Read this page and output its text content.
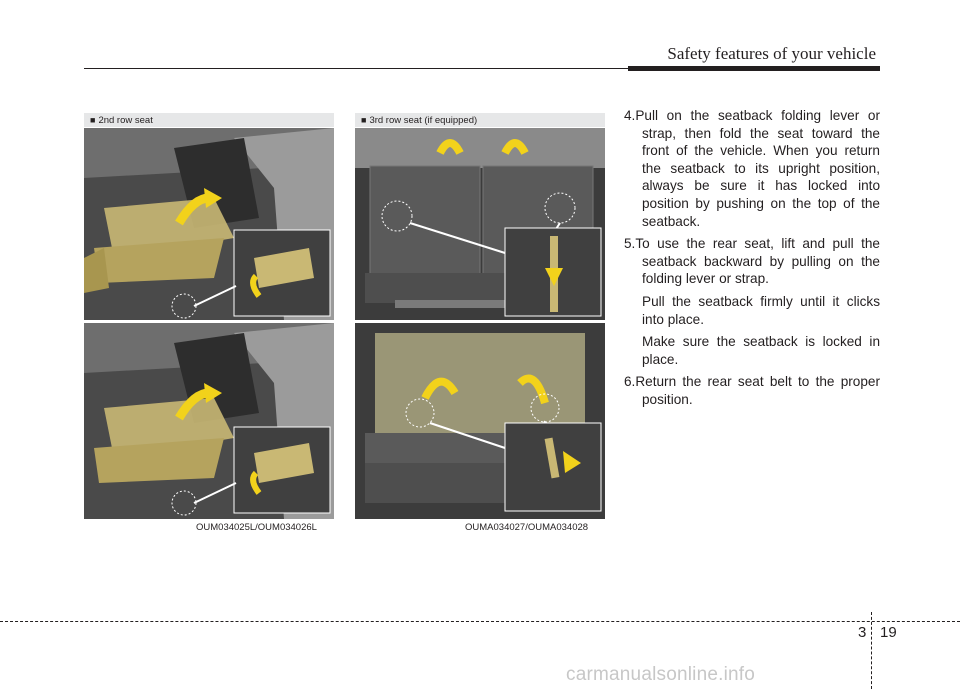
Safety features of your vehicle
■ 2nd row seat	■ 3rd row seat (if equipped)
OUM034025L/OUM034026L	OUMA034027/OUMA034028

4.Pull on the seatback folding lever or strap, then fold the seat toward the front of the vehicle. When you return the seatback to its upright position, always be sure it has locked into position by pushing on the top of the seatback.

5.To use the rear seat, lift and pull the seatback backward by pulling on the folding lever or strap.

Pull the seatback firmly until it clicks into place.

Make sure the seatback is locked in place.

6.Return the rear seat belt to the proper position.

3 19
carmanualsonline.info
